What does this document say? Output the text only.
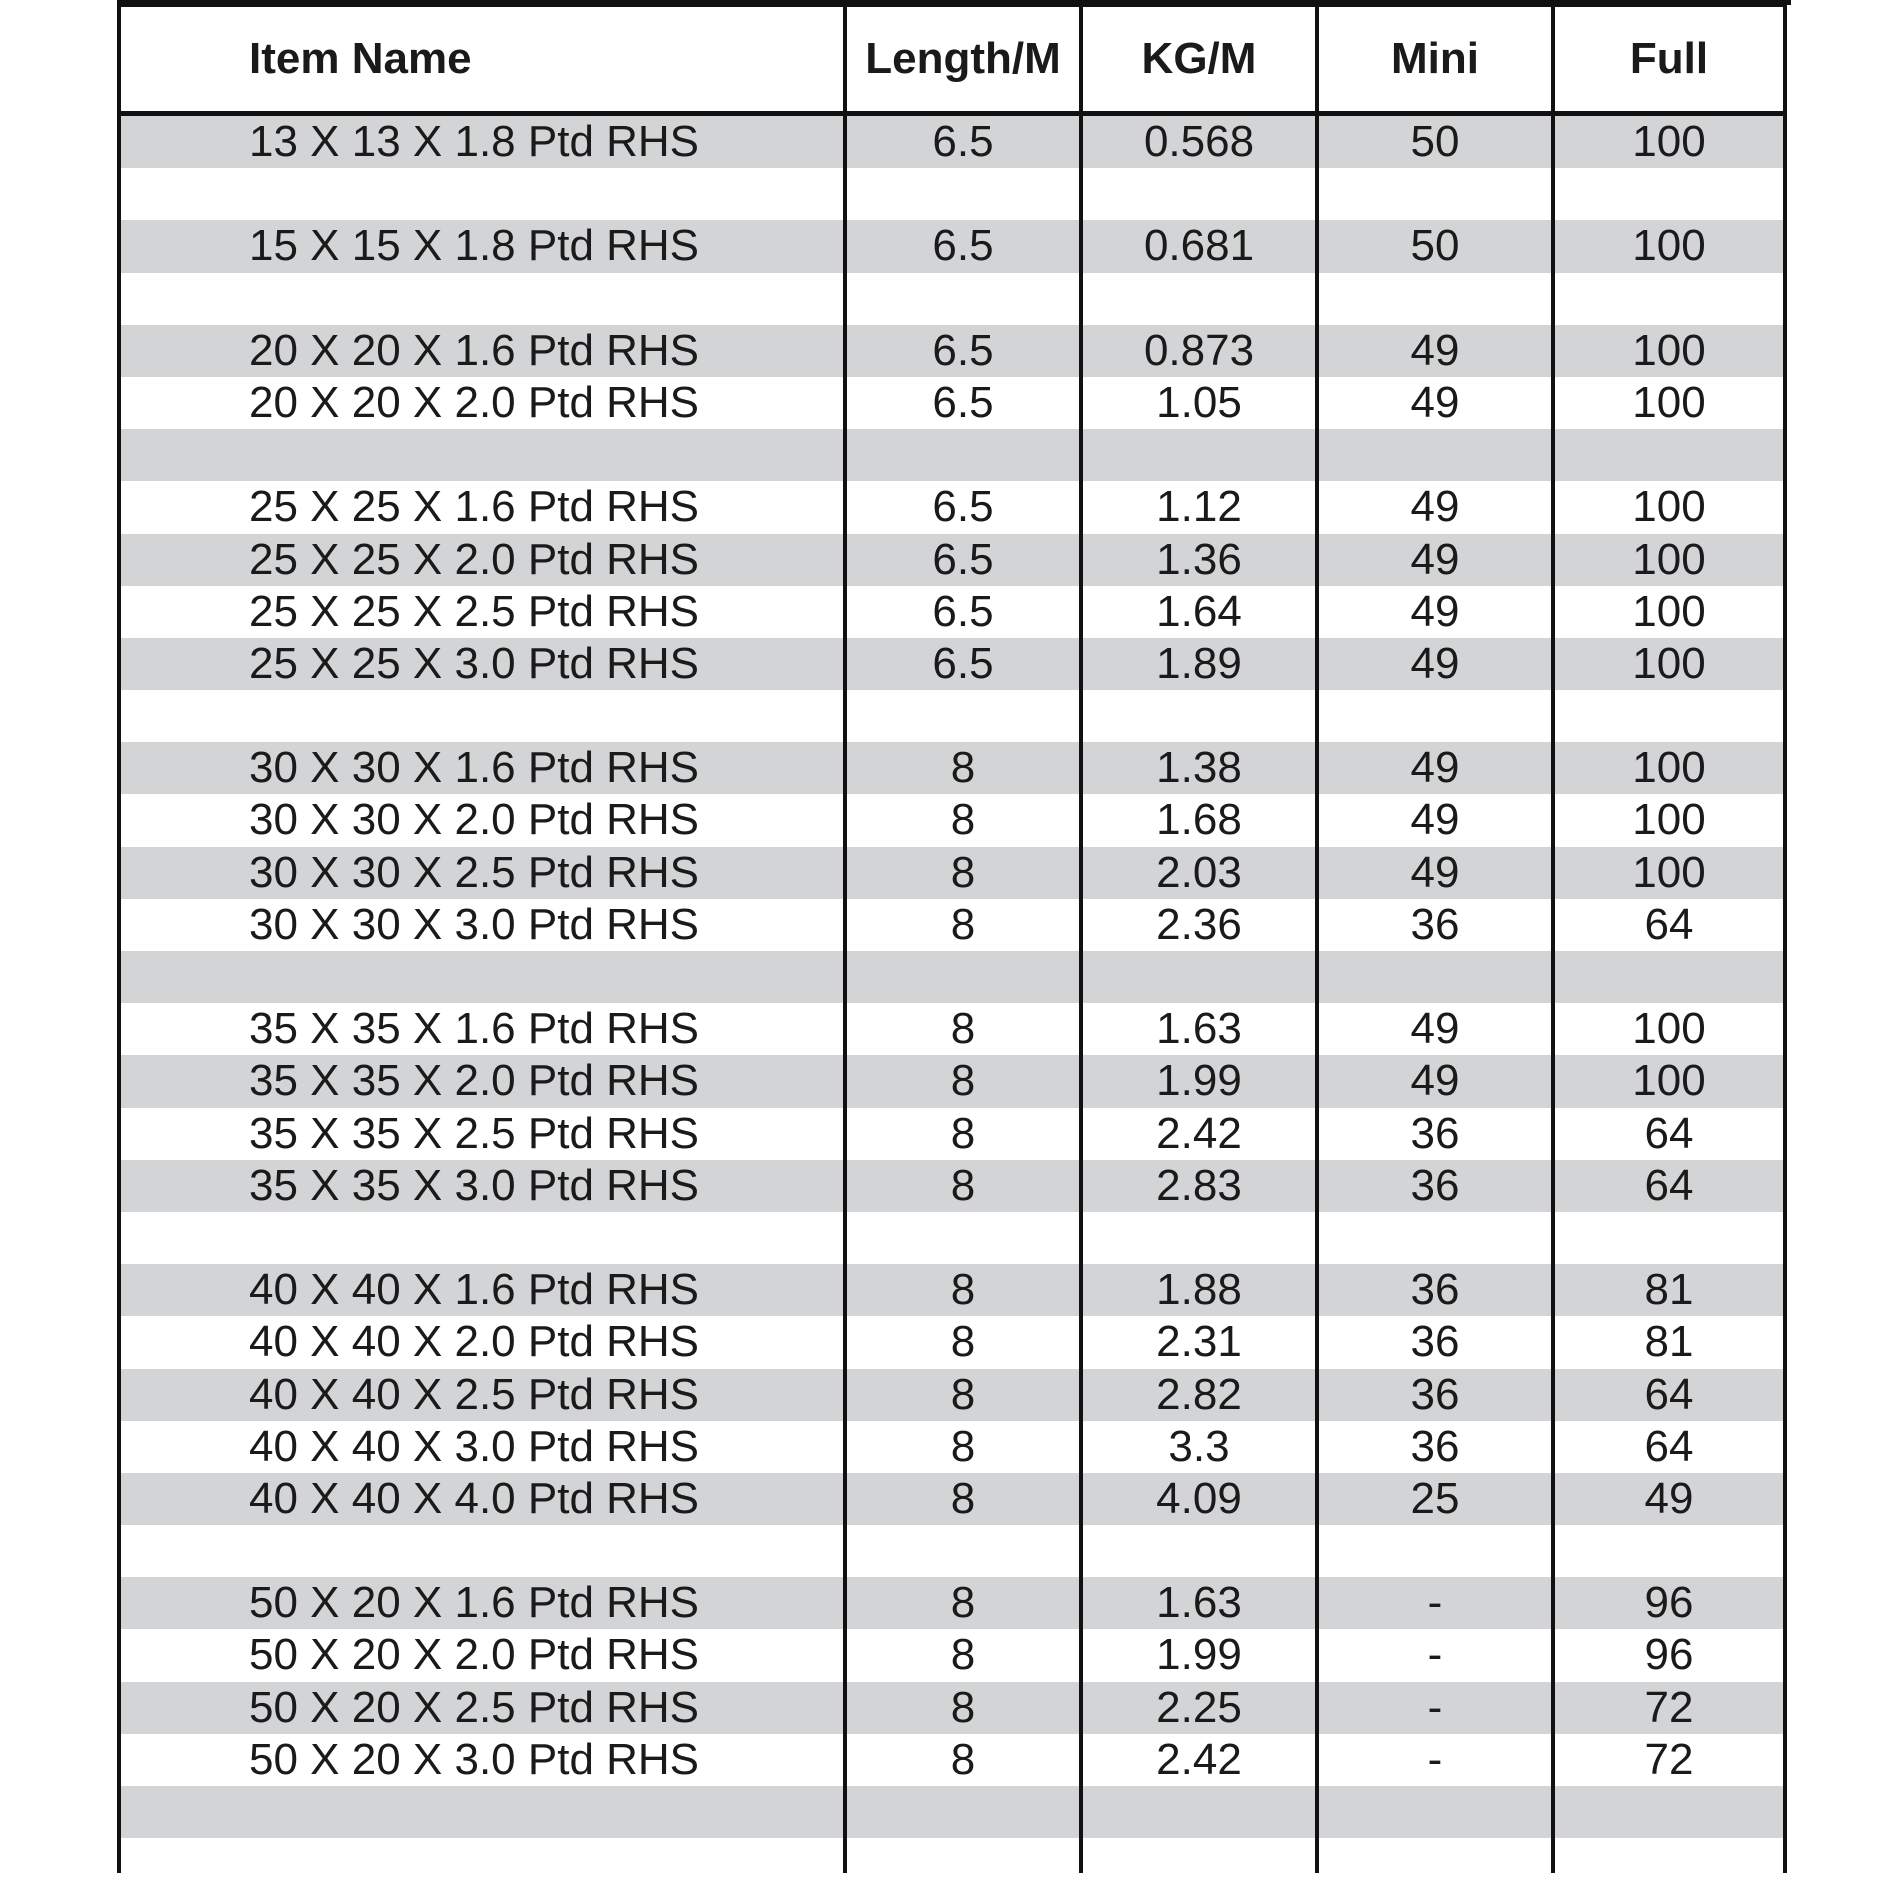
Item Name	Length/M	KG/M	Mini	Full
13 X 13 X 1.8 Ptd RHS	6.5	0.568	50	100
15 X 15 X 1.8 Ptd RHS	6.5	0.681	50	100
20 X 20 X 1.6 Ptd RHS	6.5	0.873	49	100
20 X 20 X 2.0 Ptd RHS	6.5	1.05	49	100
25 X 25 X 1.6 Ptd RHS	6.5	1.12	49	100
25 X 25 X 2.0 Ptd RHS	6.5	1.36	49	100
25 X 25 X 2.5 Ptd RHS	6.5	1.64	49	100
25 X 25 X 3.0 Ptd RHS	6.5	1.89	49	100
30 X 30 X 1.6 Ptd RHS	8	1.38	49	100
30 X 30 X 2.0 Ptd RHS	8	1.68	49	100
30 X 30 X 2.5 Ptd RHS	8	2.03	49	100
30 X 30 X 3.0 Ptd RHS	8	2.36	36	64
35 X 35 X 1.6 Ptd RHS	8	1.63	49	100
35 X 35 X 2.0 Ptd RHS	8	1.99	49	100
35 X 35 X 2.5 Ptd RHS	8	2.42	36	64
35 X 35 X 3.0 Ptd RHS	8	2.83	36	64
40 X 40 X 1.6 Ptd RHS	8	1.88	36	81
40 X 40 X 2.0 Ptd RHS	8	2.31	36	81
40 X 40 X 2.5 Ptd RHS	8	2.82	36	64
40 X 40 X 3.0 Ptd RHS	8	3.3	36	64
40 X 40 X 4.0 Ptd RHS	8	4.09	25	49
50 X 20 X 1.6 Ptd RHS	8	1.63	-	96
50 X 20 X 2.0 Ptd RHS	8	1.99	-	96
50 X 20 X 2.5 Ptd RHS	8	2.25	-	72
50 X 20 X 3.0 Ptd RHS	8	2.42	-	72
